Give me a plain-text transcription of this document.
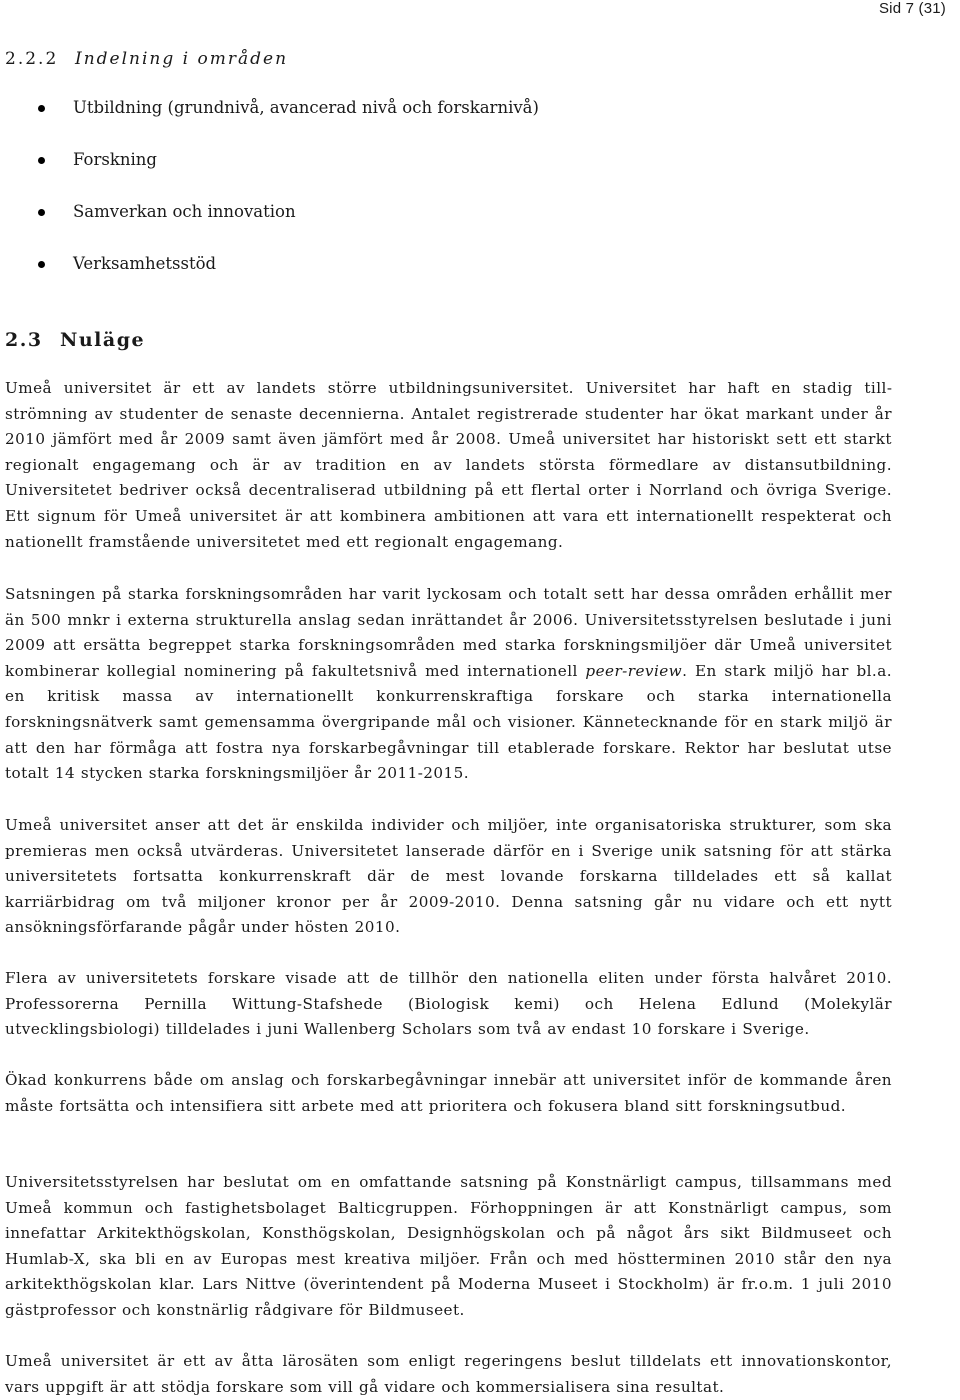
Sid 7 (31)
2.2.2 Indelning i områden
Utbildning (grundnivå, avancerad nivå och forskarnivå)
Forskning
Samverkan och innovation
Verksamhetsstöd
2.3 Nuläge

Umeå universitet är ett av landets större utbildningsuniversitet. Universitet har haft en stadig tillströmning av studenter de senaste decennierna. Antalet registrerade studenter har ökat markant under år 2010 jämfört med år 2009 samt även jämfört med år 2008. Umeå universitet har historiskt sett ett starkt regionalt engagemang och är av tradition en av landets största förmedlare av distansutbildning. Universitetet bedriver också decentraliserad utbildning på ett flertal orter i Norrland och övriga Sverige. Ett signum för Umeå universitet är att kombinera ambitionen att vara ett internationellt respekterat och nationellt framstående universitetet med ett regionalt engagemang.

Satsningen på starka forskningsområden har varit lyckosam och totalt sett har dessa områden erhållit mer än 500 mnkr i externa strukturella anslag sedan inrättandet år 2006. Universitetsstyrelsen beslutade i juni 2009 att ersätta begreppet starka forskningsområden med starka forskningsmiljöer där Umeå universitet kombinerar kollegial nominering på fakultetsnivå med internationell peer-review. En stark miljö har bl.a. en kritisk massa av internationellt konkurrenskraftiga forskare och starka internationella forskningsnätverk samt gemensamma övergripande mål och visioner. Kännetecknande för en stark miljö är att den har förmåga att fostra nya forskarbegåvningar till etablerade forskare. Rektor har beslutat utse totalt 14 stycken starka forskningsmiljöer år 2011-2015.

Umeå universitet anser att det är enskilda individer och miljöer, inte organisatoriska strukturer, som ska premieras men också utvärderas. Universitetet lanserade därför en i Sverige unik satsning för att stärka universitetets fortsatta konkurrenskraft där de mest lovande forskarna tilldelades ett så kallat karriärbidrag om två miljoner kronor per år 2009-2010. Denna satsning går nu vidare och ett nytt ansökningsförfarande pågår under hösten 2010.

Flera av universitetets forskare visade att de tillhör den nationella eliten under första halvåret 2010. Professorerna Pernilla Wittung-Stafshede (Biologisk kemi) och Helena Edlund (Molekylär utvecklingsbiologi) tilldelades i juni Wallenberg Scholars som två av endast 10 forskare i Sverige.

Ökad konkurrens både om anslag och forskarbegåvningar innebär att universitet inför de kommande åren måste fortsätta och intensifiera sitt arbete med att prioritera och fokusera bland sitt forskningsutbud.

Universitetsstyrelsen har beslutat om en omfattande satsning på Konstnärligt campus, tillsammans med Umeå kommun och fastighetsbolaget Balticgruppen. Förhoppningen är att Konstnärligt campus, som innefattar Arkitekthögskolan, Konsthögskolan, Designhögskolan och på något års sikt Bildmuseet och Humlab-X, ska bli en av Europas mest kreativa miljöer. Från och med höstterminen 2010 står den nya arkitekthögskolan klar. Lars Nittve (överintendent på Moderna Museet i Stockholm) är fr.o.m. 1 juli 2010 gästprofessor och konstnärlig rådgivare för Bildmuseet.

Umeå universitet är ett av åtta lärosäten som enligt regeringens beslut tilldelats ett innovationskontor, vars uppgift är att stödja forskare som vill gå vidare och kommersialisera sina resultat.
